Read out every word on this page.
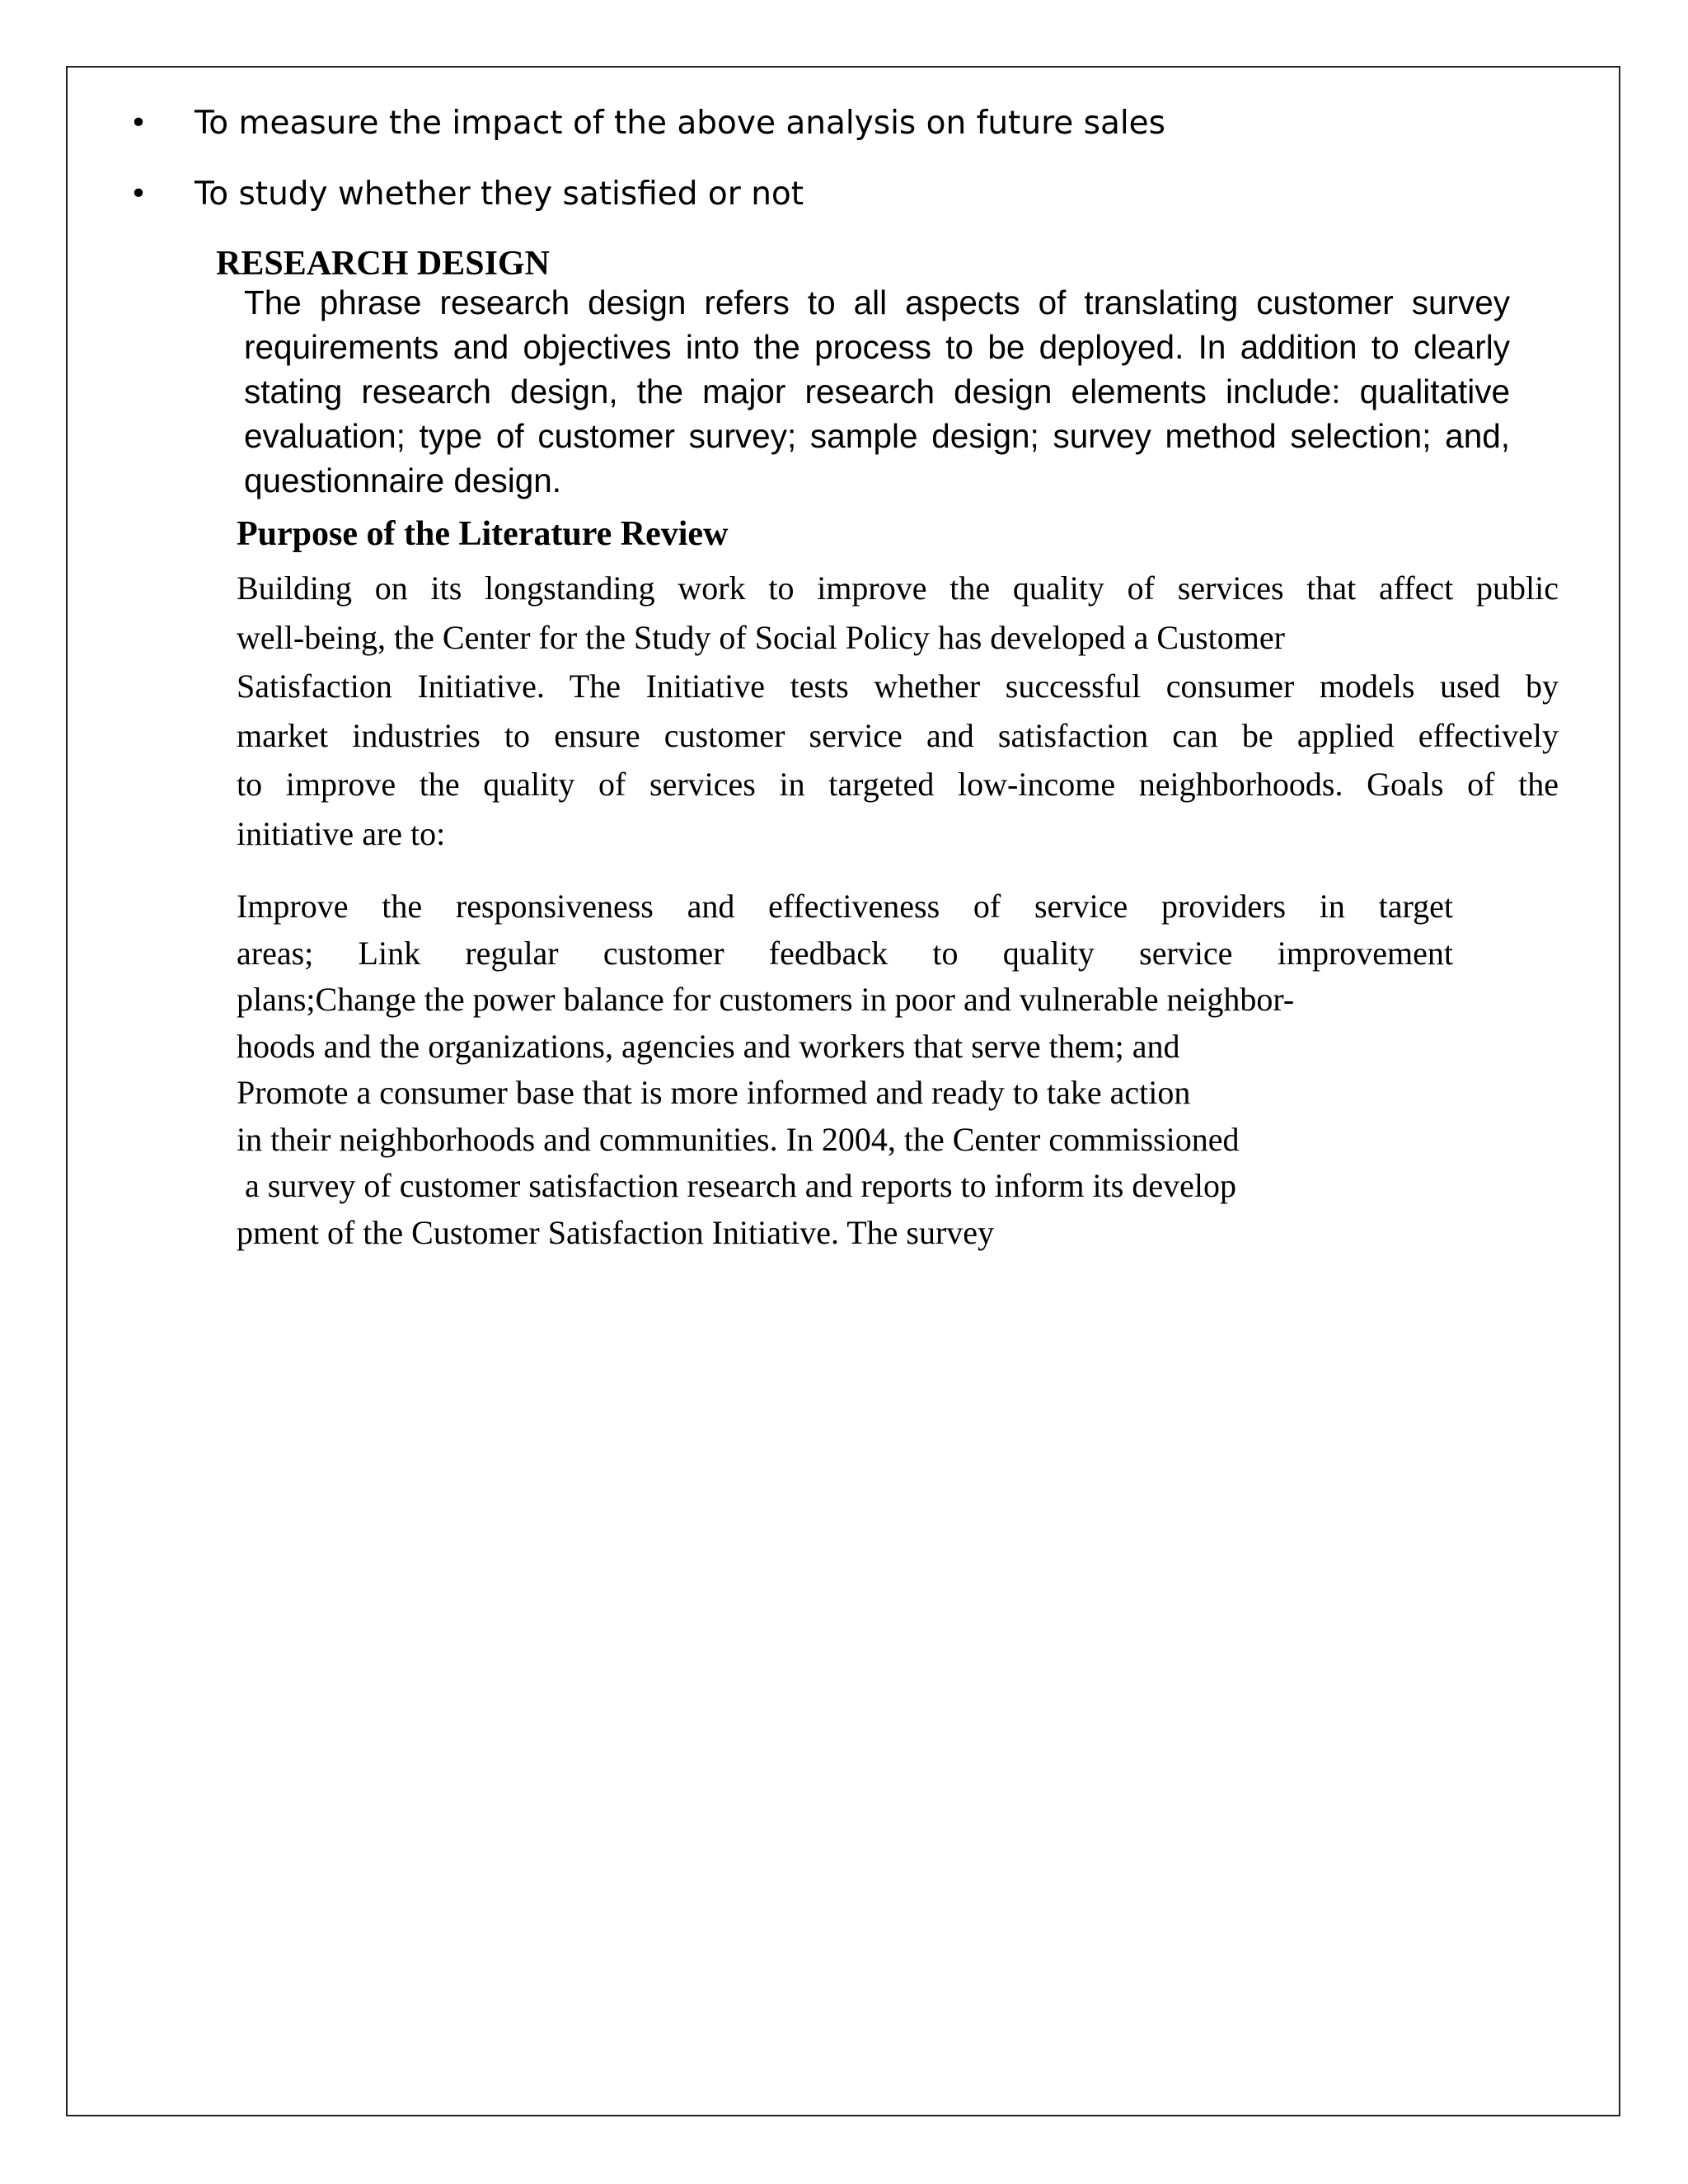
• To measure the impact of the above analysis on future sales
• To study whether they satisfied or not
RESEARCH DESIGN

The phrase research design refers to all aspects of translating customer survey requirements and objectives into the process to be deployed. In addition to clearly stating research design, the major research design elements include: qualitative evaluation; type of customer survey; sample design; survey method selection; and, questionnaire design.

Purpose of the Literature Review
Building on its longstanding work to improve the quality of services that affect public
well-being, the Center for the Study of Social Policy has developed a Customer
Satisfaction Initiative. The Initiative tests whether successful consumer models used by
market industries to ensure customer service and satisfaction can be applied effectively
to improve the quality of services in targeted low-income neighborhoods. Goals of the
initiative are to:
Improve the responsiveness and effectiveness of service providers in target
areas; Link regular customer feedback to quality service improvement
plans;Change the power balance for customers in poor and vulnerable neighbor-
hoods and the organizations, agencies and workers that serve them; and
Promote a consumer base that is more informed and ready to take action
in their neighborhoods and communities. In 2004, the Center commissioned
a survey of customer satisfaction research and reports to inform its develop
pment of the Customer Satisfaction Initiative. The survey
